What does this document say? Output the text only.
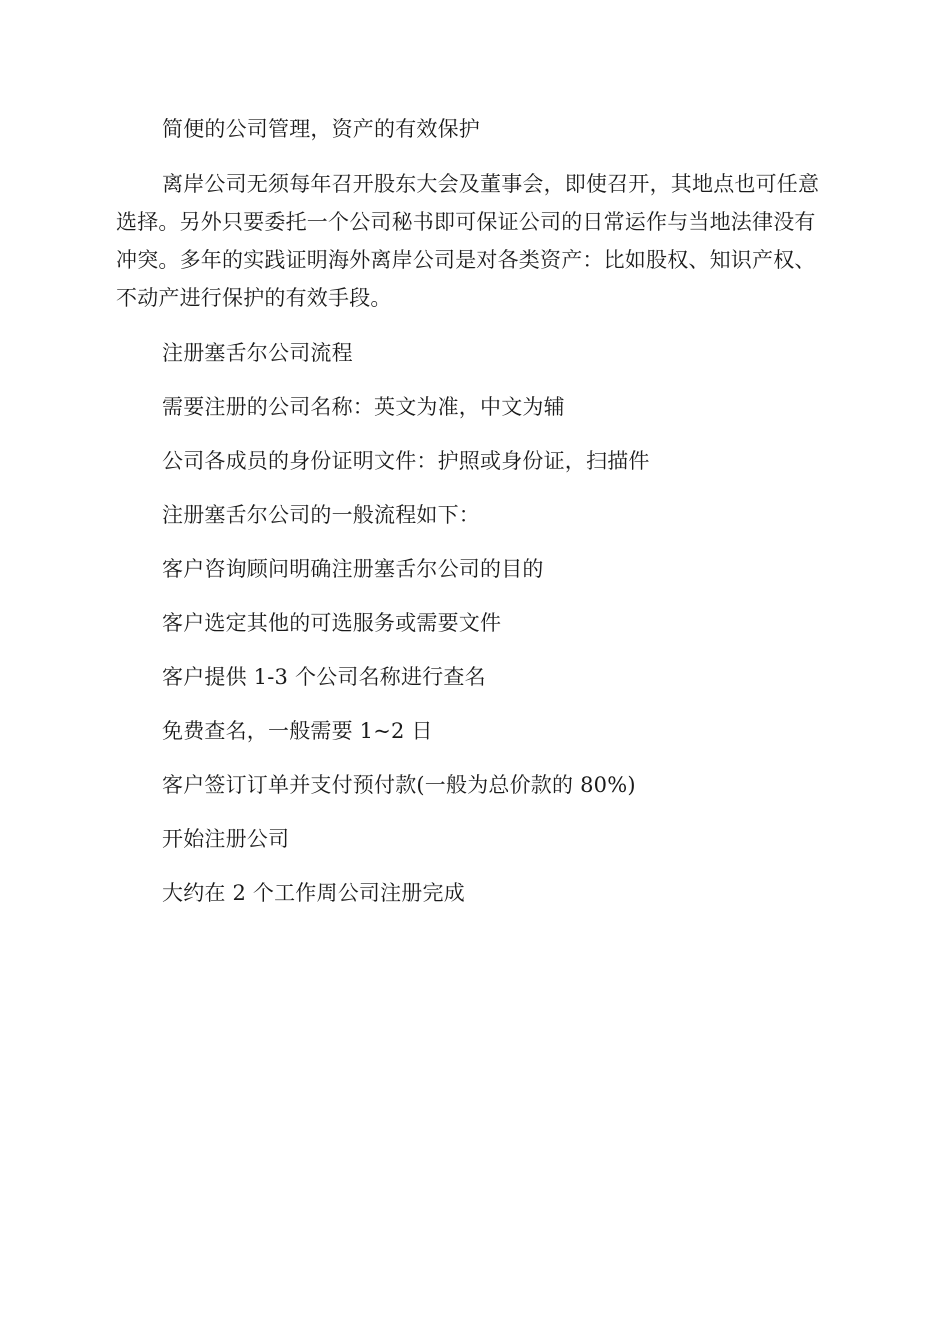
简便的公司管理，资产的有效保护

离岸公司无须每年召开股东大会及董事会，即使召开，其地点也可任意选择。另外只要委托一个公司秘书即可保证公司的日常运作与当地法律没有冲突。多年的实践证明海外离岸公司是对各类资产：比如股权、知识产权、不动产进行保护的有效手段。

注册塞舌尔公司流程

需要注册的公司名称：英文为准，中文为辅

公司各成员的身份证明文件：护照或身份证，扫描件

注册塞舌尔公司的一般流程如下：

客户咨询顾问明确注册塞舌尔公司的目的

客户选定其他的可选服务或需要文件

客户提供 1-3 个公司名称进行查名

免费查名，一般需要 1~2 日

客户签订订单并支付预付款(一般为总价款的 80%)

开始注册公司

大约在 2 个工作周公司注册完成
